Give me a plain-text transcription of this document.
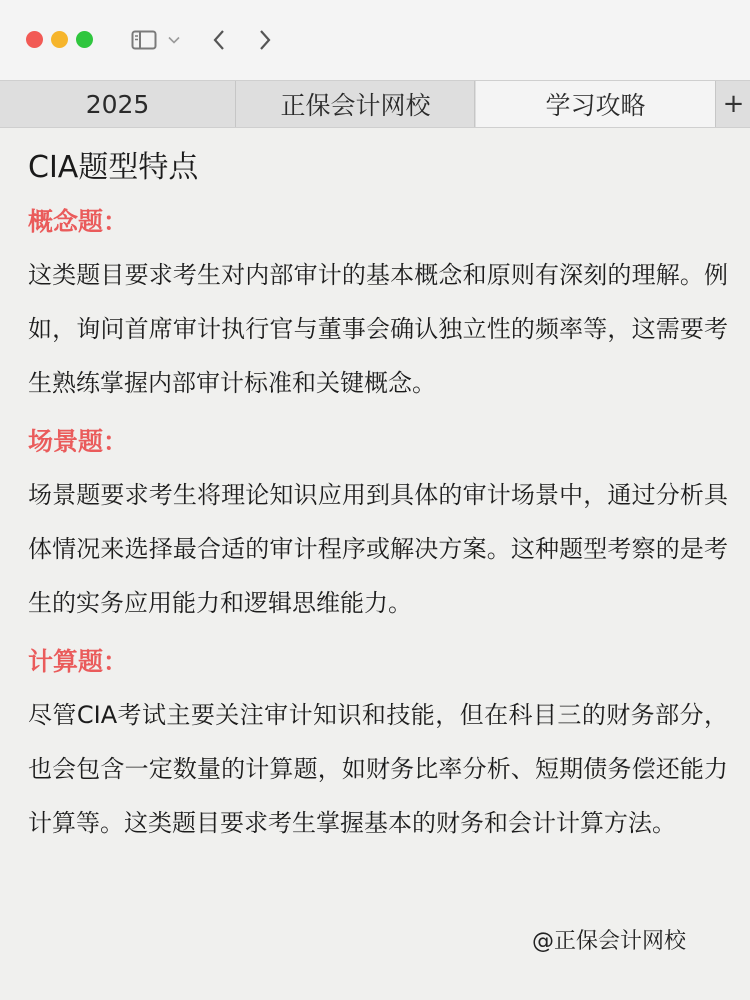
2025	正保会计网校	学习攻略	+
CIA题型特点
概念题：

这类题目要求考生对内部审计的基本概念和原则有深刻的理解。例如，询问首席审计执行官与董事会确认独立性的频率等，这需要考生熟练掌握内部审计标准和关键概念。

场景题：

场景题要求考生将理论知识应用到具体的审计场景中，通过分析具体情况来选择最合适的审计程序或解决方案。这种题型考察的是考生的实务应用能力和逻辑思维能力。

计算题：

尽管CIA考试主要关注审计知识和技能，但在科目三的财务部分，也会包含一定数量的计算题，如财务比率分析、短期债务偿还能力计算等。这类题目要求考生掌握基本的财务和会计计算方法。

@正保会计网校
